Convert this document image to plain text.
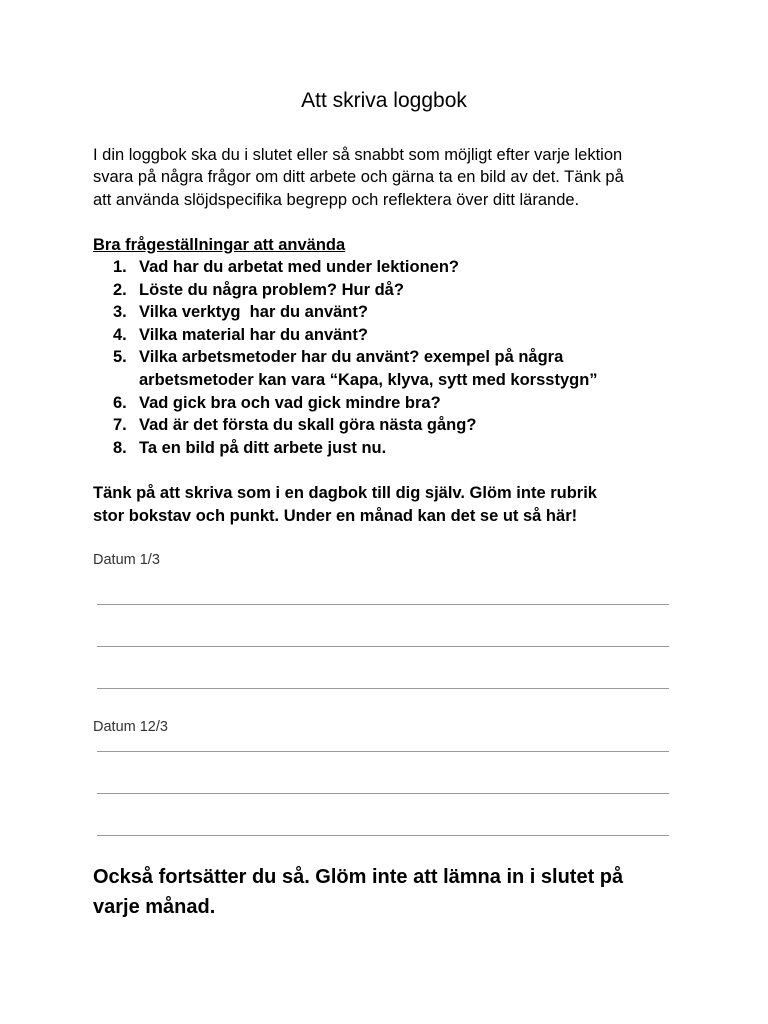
Att skriva loggbok

I din loggbok ska du i slutet eller så snabbt som möjligt efter varje lektion
svara på några frågor om ditt arbete och gärna ta en bild av det. Tänk på
att använda slöjdspecifika begrepp och reflektera över ditt lärande.

Bra frågeställningar att använda

1. Vad har du arbetat med under lektionen?
2. Löste du några problem? Hur då?
3. Vilka verktyg  har du använt?
4. Vilka material har du använt?
5. Vilka arbetsmetoder har du använt? exempel på några
arbetsmetoder kan vara “Kapa, klyva, sytt med korsstygn”
6. Vad gick bra och vad gick mindre bra?
7. Vad är det första du skall göra nästa gång?
8. Ta en bild på ditt arbete just nu.

Tänk på att skriva som i en dagbok till dig själv. Glöm inte rubrik
stor bokstav och punkt. Under en månad kan det se ut så här!

Datum 1/3

Datum 12/3

Också fortsätter du så. Glöm inte att lämna in i slutet på
varje månad.
